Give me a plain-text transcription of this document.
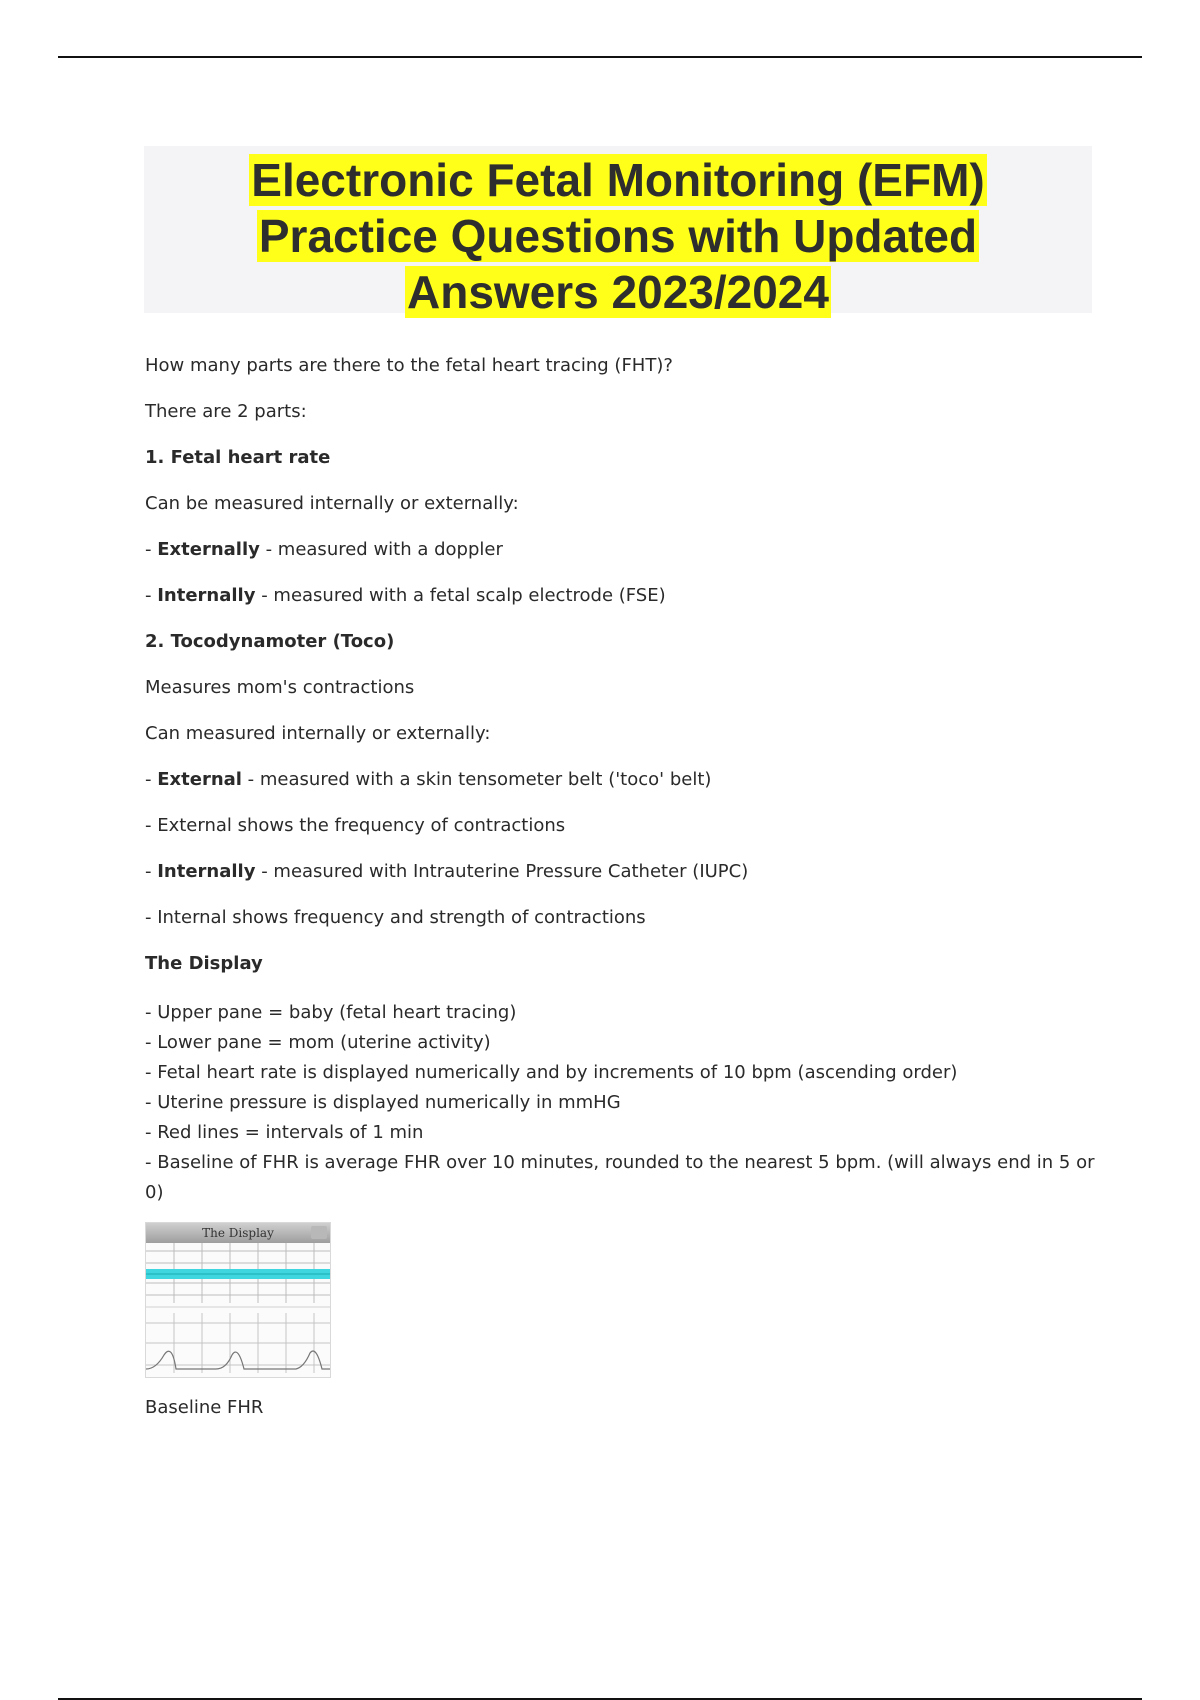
Electronic Fetal Monitoring (EFM)
Practice Questions with Updated
Answers 2023/2024

How many parts are there to the fetal heart tracing (FHT)?

There are 2 parts:

1. Fetal heart rate

Can be measured internally or externally:

- Externally - measured with a doppler

- Internally - measured with a fetal scalp electrode (FSE)

2. Tocodynamoter (Toco)

Measures mom's contractions

Can measured internally or externally:

- External - measured with a skin tensometer belt ('toco' belt)

- External shows the frequency of contractions

- Internally - measured with Intrauterine Pressure Catheter (IUPC)

- Internal shows frequency and strength of contractions

The Display

- Upper pane = baby (fetal heart tracing)
- Lower pane = mom (uterine activity)
- Fetal heart rate is displayed numerically and by increments of 10 bpm (ascending order)
- Uterine pressure is displayed numerically in mmHG
- Red lines = intervals of 1 min
- Baseline of FHR is average FHR over 10 minutes, rounded to the nearest 5 bpm. (will always end in 5 or 0)
The Display

Baseline FHR
